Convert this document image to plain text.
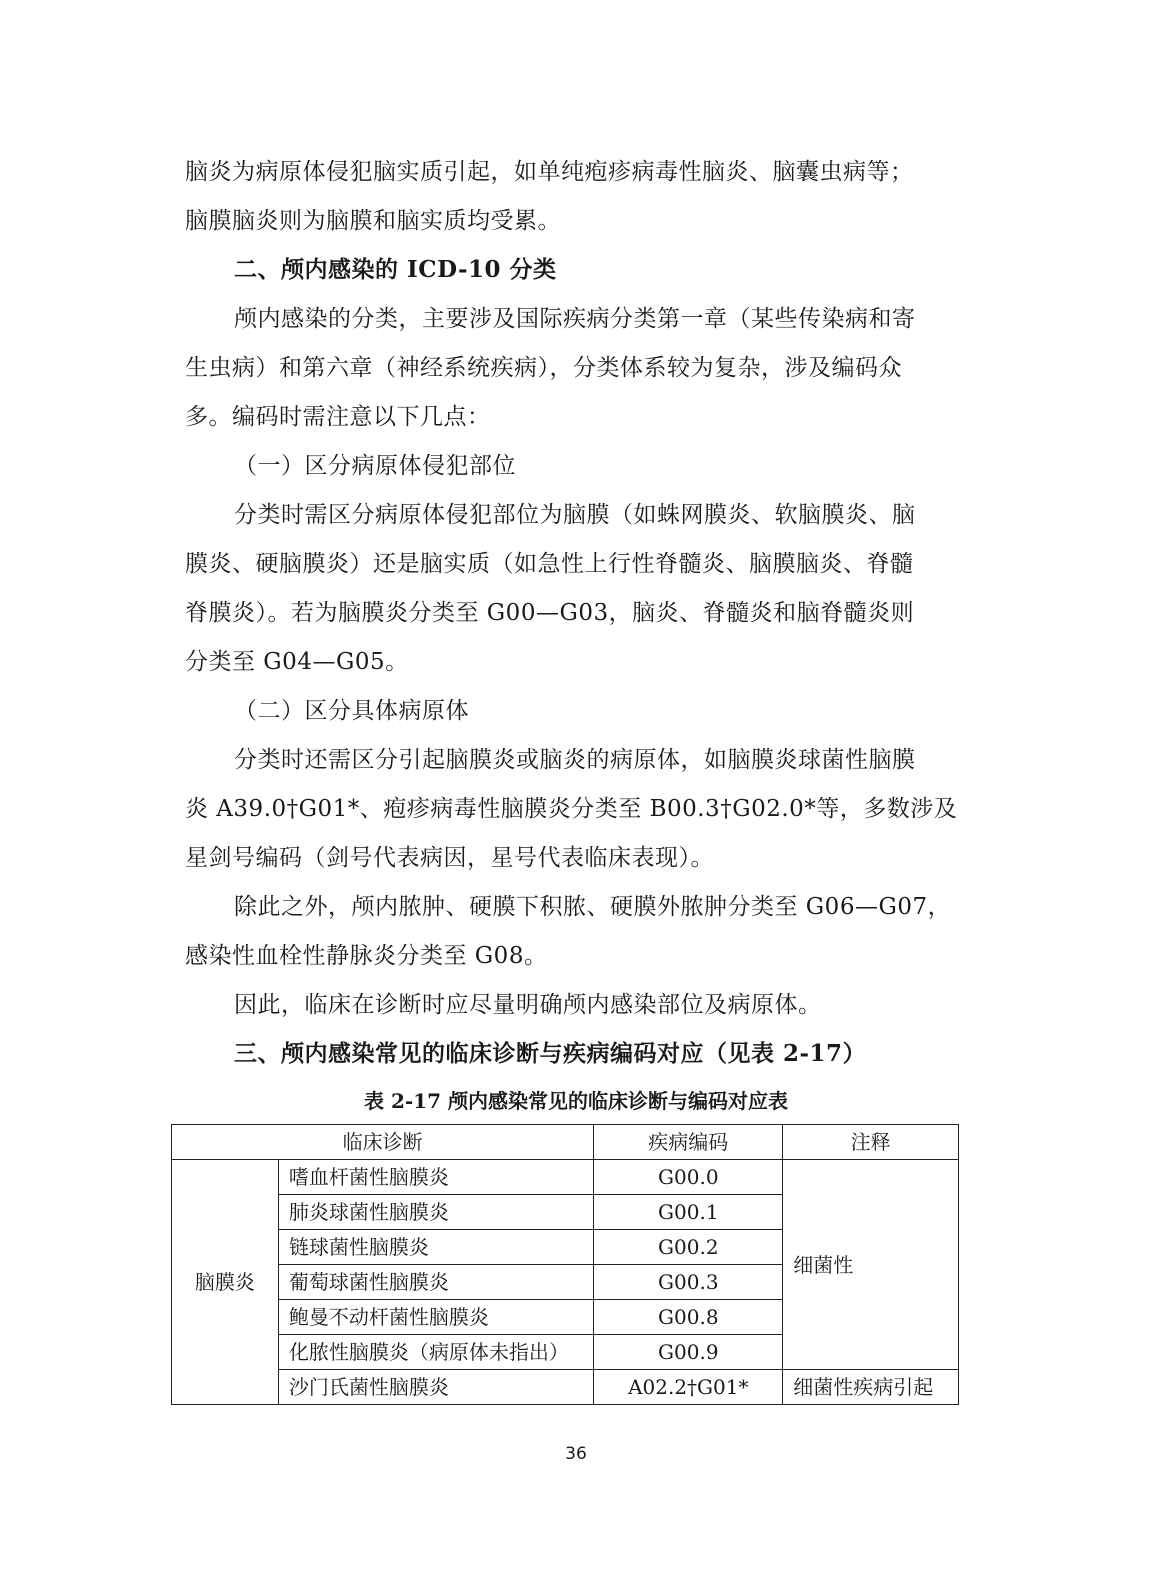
脑炎为病原体侵犯脑实质引起，如单纯疱疹病毒性脑炎、脑囊虫病等；
脑膜脑炎则为脑膜和脑实质均受累。
二、颅内感染的 ICD-10 分类
颅内感染的分类，主要涉及国际疾病分类第一章（某些传染病和寄
生虫病）和第六章（神经系统疾病），分类体系较为复杂，涉及编码众
多。编码时需注意以下几点：
（一）区分病原体侵犯部位
分类时需区分病原体侵犯部位为脑膜（如蛛网膜炎、软脑膜炎、脑
膜炎、硬脑膜炎）还是脑实质（如急性上行性脊髓炎、脑膜脑炎、脊髓
脊膜炎）。若为脑膜炎分类至 G00—G03，脑炎、脊髓炎和脑脊髓炎则
分类至 G04—G05。
（二）区分具体病原体
分类时还需区分引起脑膜炎或脑炎的病原体，如脑膜炎球菌性脑膜
炎 A39.0†G01*、疱疹病毒性脑膜炎分类至 B00.3†G02.0*等，多数涉及
星剑号编码（剑号代表病因，星号代表临床表现）。
除此之外，颅内脓肿、硬膜下积脓、硬膜外脓肿分类至 G06—G07，
感染性血栓性静脉炎分类至 G08。
因此，临床在诊断时应尽量明确颅内感染部位及病原体。
三、颅内感染常见的临床诊断与疾病编码对应（见表 2-17）
表 2-17 颅内感染常见的临床诊断与编码对应表
临床诊断		疾病编码	注释
脑膜炎	嗜血杆菌性脑膜炎	G00.0	细菌性
	肺炎球菌性脑膜炎	G00.1	
	链球菌性脑膜炎	G00.2	
	葡萄球菌性脑膜炎	G00.3	
	鲍曼不动杆菌性脑膜炎	G00.8	
	化脓性脑膜炎（病原体未指出）	G00.9	
	沙门氏菌性脑膜炎	A02.2†G01*	细菌性疾病引起
36
